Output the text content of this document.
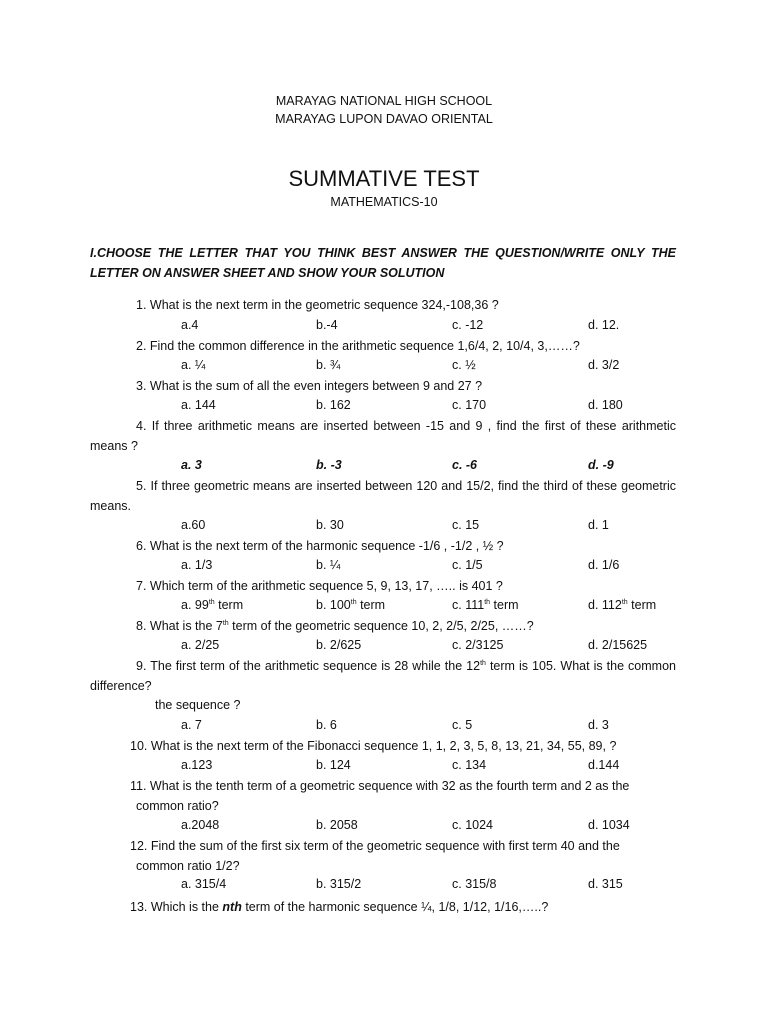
MARAYAG NATIONAL HIGH SCHOOL
MARAYAG LUPON DAVAO ORIENTAL
SUMMATIVE TEST
MATHEMATICS-10
I.CHOOSE THE LETTER THAT YOU THINK BEST ANSWER THE QUESTION/WRITE ONLY THE LETTER ON ANSWER SHEET AND SHOW YOUR SOLUTION
1. What is the next term in the geometric sequence 324,-108,36 ?
a.4	b.-4	c. -12	d. 12.
2. Find the common difference in the arithmetic sequence 1,6/4, 2, 10/4, 3,……?
a. ¼	b. ¾	c. ½	d. 3/2
3. What is the sum of all the even integers between 9 and 27 ?
a. 144	b. 162	c. 170	d. 180
4. If three arithmetic means are inserted between -15 and 9 , find the first of these arithmetic means ?
a. 3	b. -3	c. -6	d. -9
5. If three geometric means are inserted between 120 and 15/2, find the third of these geometric means.
a.60	b. 30	c. 15	d. 1
6. What is the next term of the harmonic sequence -1/6 , -1/2 , ½ ?
a. 1/3	b. ¼	c. 1/5	d. 1/6
7. Which term of the arithmetic sequence 5, 9, 13, 17, ….. is 401 ?
a. 99th term	b. 100th term	c. 111th term	d. 112th term
8. What is the 7th term of the geometric sequence 10, 2, 2/5, 2/25, ……?
a. 2/25	b. 2/625	c. 2/3125	d. 2/15625
9. The first term of the arithmetic sequence is 28 while the 12th term is 105. What is the common difference?
the sequence ?
a. 7	b. 6	c. 5	d. 3
10. What is the next term of the Fibonacci sequence 1, 1, 2, 3, 5, 8, 13, 21, 34, 55, 89, ?
a.123	b. 124	c. 134	d.144
11. What is the tenth term of a geometric sequence with 32 as the fourth term and 2 as the
common ratio?
a.2048	b. 2058	c. 1024	d. 1034
12. Find the sum of the first six term of the geometric sequence with first term 40 and the
common ratio 1/2?
a. 315/4	b. 315/2	c. 315/8	d. 315
13. Which is the nth term of the harmonic sequence ¼, 1/8, 1/12, 1/16,…..?
